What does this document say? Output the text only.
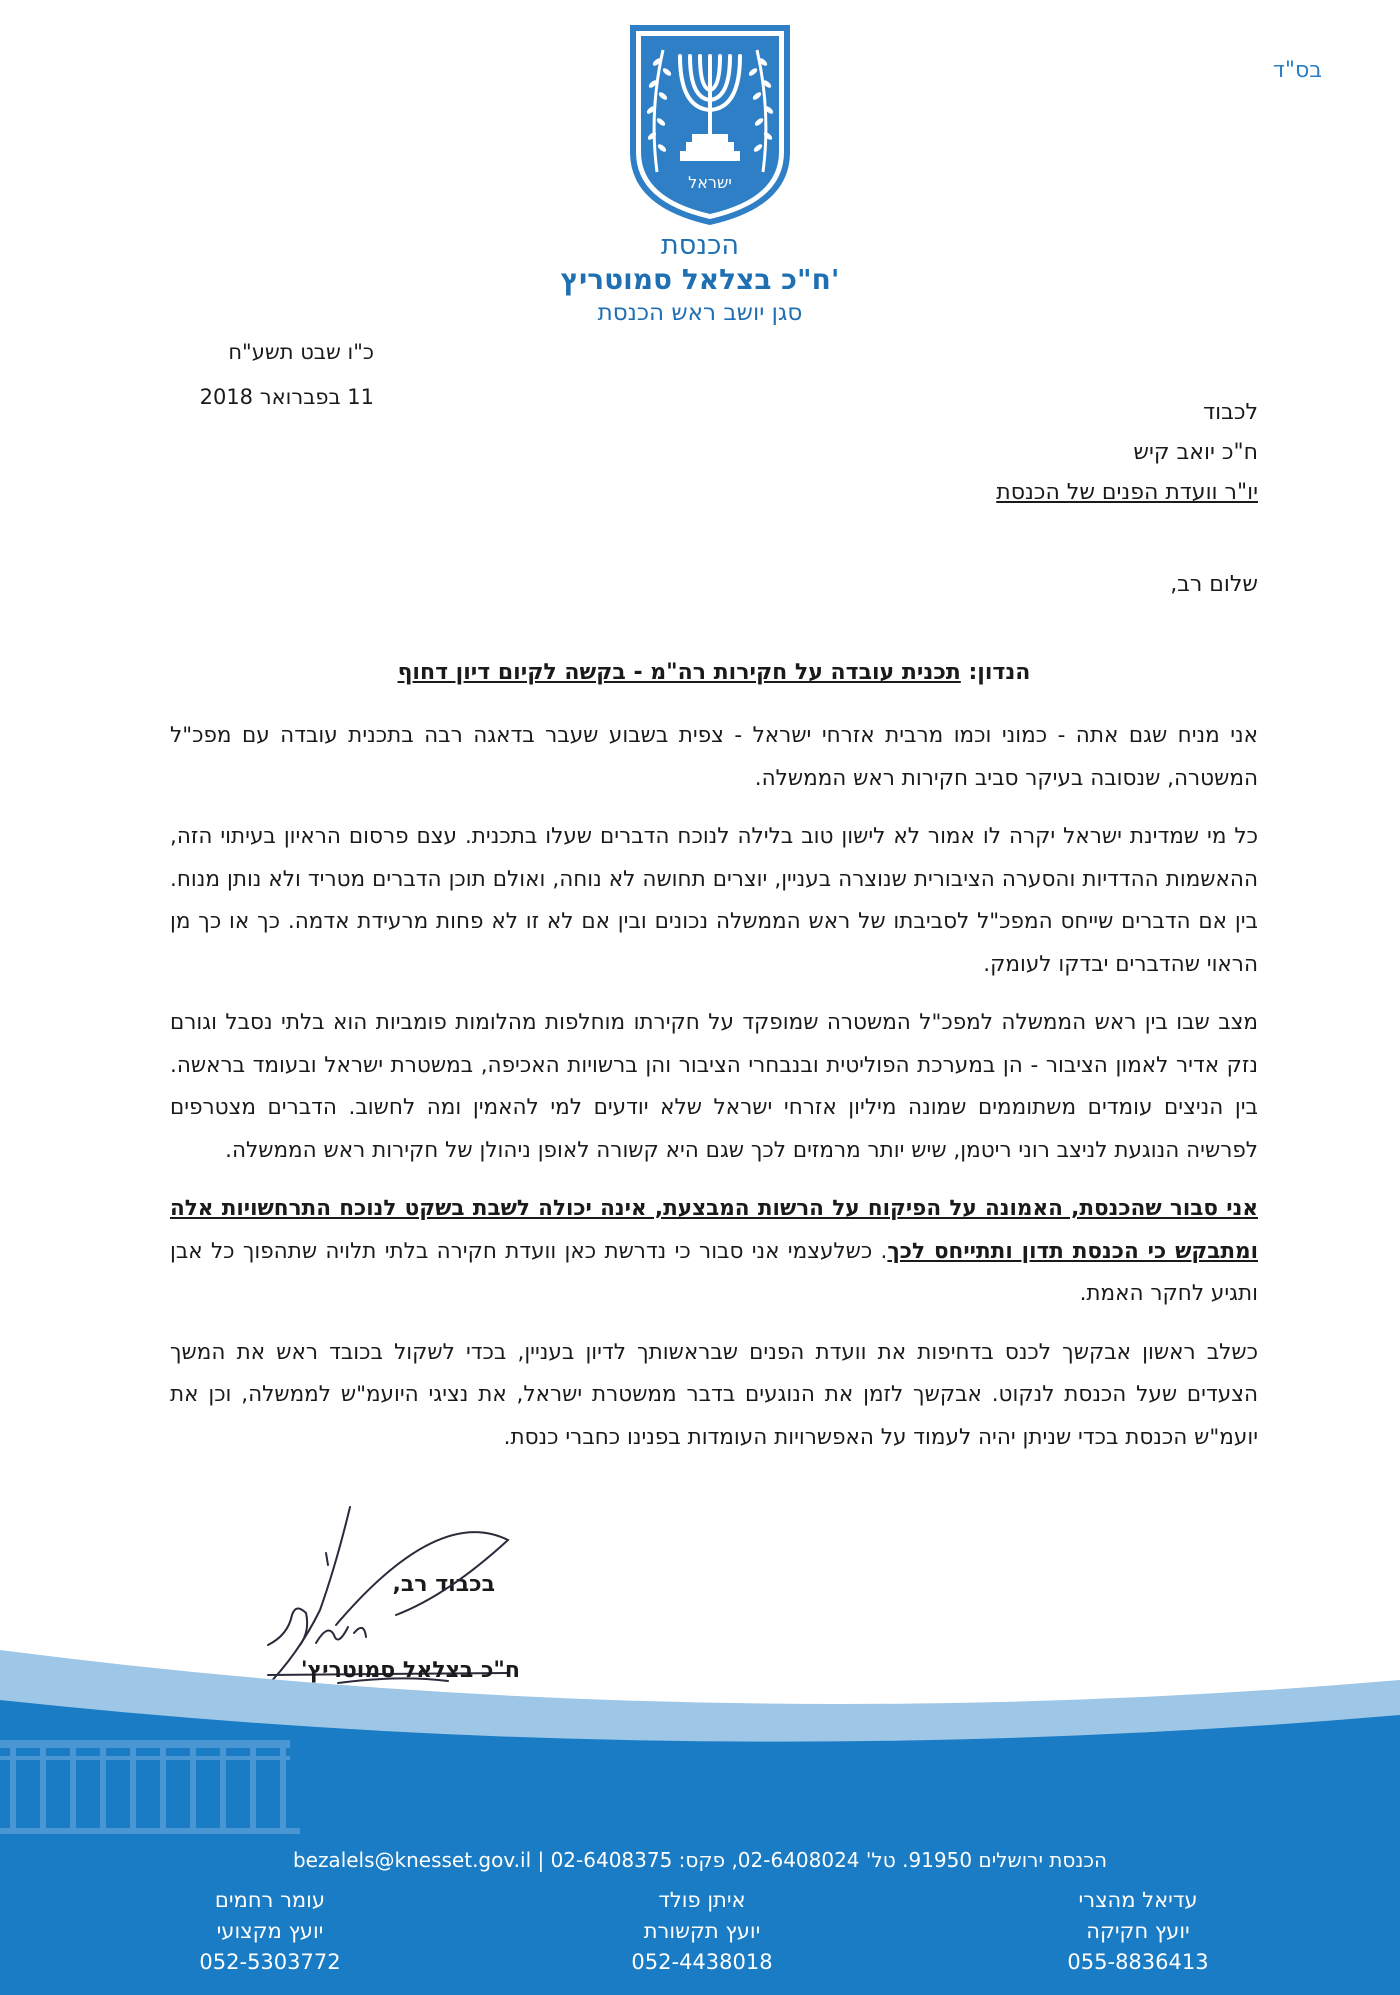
בס"ד
ישראל
הכנסת
ח"כ בצלאל סמוטריץ'
סגן יושב ראש הכנסת
כ"ו שבט תשע"ח
11 בפברואר 2018
לכבוד
ח"כ יואב קיש
יו"ר וועדת הפנים של הכנסת
שלום רב,
הנדון: תכנית עובדה על חקירות רה"מ - בקשה לקיום דיון דחוף

אני מניח שגם אתה - כמוני וכמו מרבית אזרחי ישראל - צפית בשבוע שעבר בדאגה רבה בתכנית עובדה עם מפכ"ל המשטרה, שנסובה בעיקר סביב חקירות ראש הממשלה.

כל מי שמדינת ישראל יקרה לו אמור לא לישון טוב בלילה לנוכח הדברים שעלו בתכנית. עצם פרסום הראיון בעיתוי הזה, ההאשמות ההדדיות והסערה הציבורית שנוצרה בעניין, יוצרים תחושה לא נוחה, ואולם תוכן הדברים מטריד ולא נותן מנוח. בין אם הדברים שייחס המפכ"ל לסביבתו של ראש הממשלה נכונים ובין אם לא זו לא פחות מרעידת אדמה. כך או כך מן הראוי שהדברים יבדקו לעומק.

מצב שבו בין ראש הממשלה למפכ"ל המשטרה שמופקד על חקירתו מוחלפות מהלומות פומביות הוא בלתי נסבל וגורם נזק אדיר לאמון הציבור - הן במערכת הפוליטית ובנבחרי הציבור והן ברשויות האכיפה, במשטרת ישראל ובעומד בראשה. בין הניצים עומדים משתוממים שמונה מיליון אזרחי ישראל שלא יודעים למי להאמין ומה לחשוב. הדברים מצטרפים לפרשיה הנוגעת לניצב רוני ריטמן, שיש יותר מרמזים לכך שגם היא קשורה לאופן ניהולן של חקירות ראש הממשלה.

אני סבור שהכנסת, האמונה על הפיקוח על הרשות המבצעת, אינה יכולה לשבת בשקט לנוכח התרחשויות אלה ומתבקש כי הכנסת תדון ותתייחס לכך. כשלעצמי אני סבור כי נדרשת כאן וועדת חקירה בלתי תלויה שתהפוך כל אבן ותגיע לחקר האמת.

כשלב ראשון אבקשך לכנס בדחיפות את וועדת הפנים שבראשותך לדיון בעניין, בכדי לשקול בכובד ראש את המשך הצעדים שעל הכנסת לנקוט. אבקשך לזמן את הנוגעים בדבר ממשטרת ישראל, את נציגי היועמ"ש לממשלה, וכן את יועמ"ש הכנסת בכדי שניתן יהיה לעמוד על האפשרויות העומדות בפנינו כחברי כנסת.

בכבוד רב,
ח"כ בצלאל סמוטריץ'
הכנסת ירושלים 91950. טל' 02-6408024, פקס: 02-6408375 | bezalels@knesset.gov.il
עדיאל מהצרי
יועץ חקיקה
055-8836413
איתן פולד
יועץ תקשורת
052-4438018
עומר רחמים
יועץ מקצועי
052-5303772
